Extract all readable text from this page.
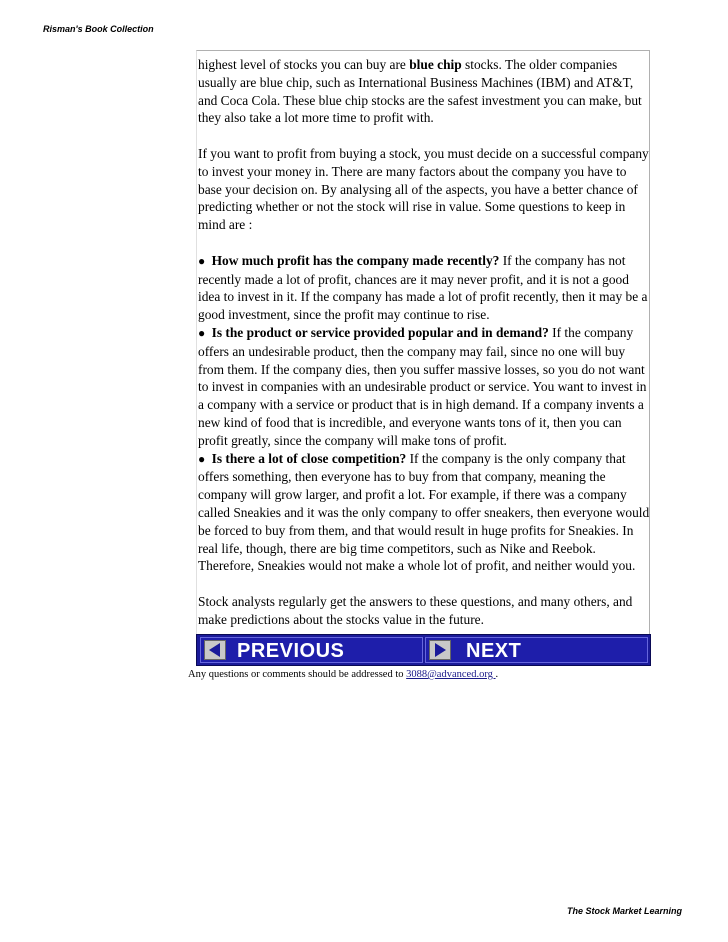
Risman's Book Collection

highest level of stocks you can buy are blue chip stocks. The older companies usually are blue chip, such as International Business Machines (IBM) and AT&T, and Coca Cola. These blue chip stocks are the safest investment you can make, but they also take a lot more time to profit with.

If you want to profit from buying a stock, you must decide on a successful company to invest your money in. There are many factors about the company you have to base your decision on. By analysing all of the aspects, you have a better chance of predicting whether or not the stock will rise in value. Some questions to keep in mind are :

● How much profit has the company made recently? If the company has not recently made a lot of profit, chances are it may never profit, and it is not a good idea to invest in it. If the company has made a lot of profit recently, then it may be a good investment, since the profit may continue to rise.
● Is the product or service provided popular and in demand? If the company offers an undesirable product, then the company may fail, since no one will buy from them. If the company dies, then you suffer massive losses, so you do not want to invest in companies with an undesirable product or service. You want to invest in a company with a service or product that is in high demand. If a company invents a new kind of food that is incredible, and everyone wants tons of it, then you can profit greatly, since the company will make tons of profit.

● Is there a lot of close competition? If the company is the only company that offers something, then everyone has to buy from that company, meaning the company will grow larger, and profit a lot. For example, if there was a company called Sneakies and it was the only company to offer sneakers, then everyone would be forced to buy from them, and that would result in huge profits for Sneakies. In real life, though, there are big time competitors, such as Nike and Reebok. Therefore, Sneakies would not make a whole lot of profit, and neither would you.

Stock analysts regularly get the answers to these questions, and many others, and make predictions about the stocks value in the future.

PREVIOUS	NEXT
Any questions or comments should be addressed to 3088@advanced.org .
The Stock Market Learning
